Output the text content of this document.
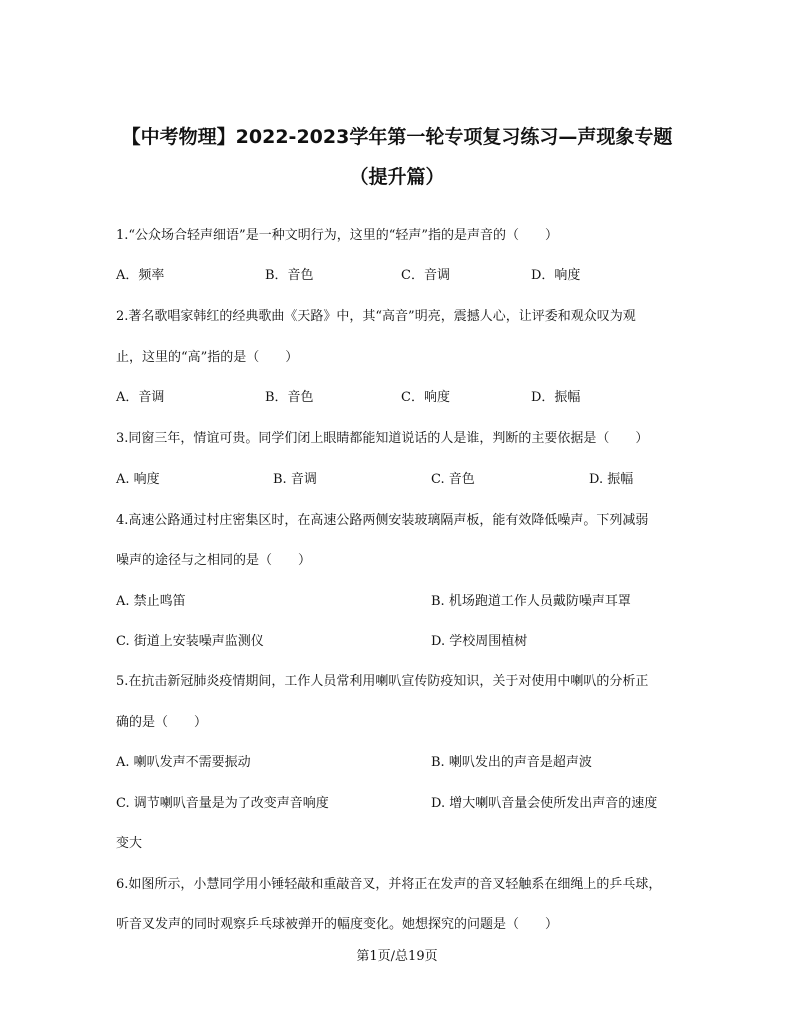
【中考物理】2022-2023学年第一轮专项复习练习—声现象专题
（提升篇）
1.“公众场合轻声细语”是一种文明行为，这里的“轻声”指的是声音的（　　）
A．频率	B．音色	C．音调	D．响度
2.著名歌唱家韩红的经典歌曲《天路》中，其“高音”明亮，震撼人心，让评委和观众叹为观
止，这里的“高”指的是（　　）
A．音调	B．音色	C．响度	D．振幅
3.同窗三年，情谊可贵。同学们闭上眼睛都能知道说话的人是谁，判断的主要依据是（　　）
A. 响度	B. 音调	C. 音色	D. 振幅
4.高速公路通过村庄密集区时，在高速公路两侧安装玻璃隔声板，能有效降低噪声。下列减弱
噪声的途径与之相同的是（　　）
A. 禁止鸣笛	B. 机场跑道工作人员戴防噪声耳罩
C. 街道上安装噪声监测仪	D. 学校周围植树
5.在抗击新冠肺炎疫情期间，工作人员常利用喇叭宣传防疫知识，关于对使用中喇叭的分析正
确的是（　　）
A. 喇叭发声不需要振动	B. 喇叭发出的声音是超声波
C. 调节喇叭音量是为了改变声音响度	D. 增大喇叭音量会使所发出声音的速度
变大
6.如图所示，小慧同学用小锤轻敲和重敲音叉，并将正在发声的音叉轻触系在细绳上的乒乓球，
听音叉发声的同时观察乒乓球被弹开的幅度变化。她想探究的问题是（　　）
第1页/总19页
